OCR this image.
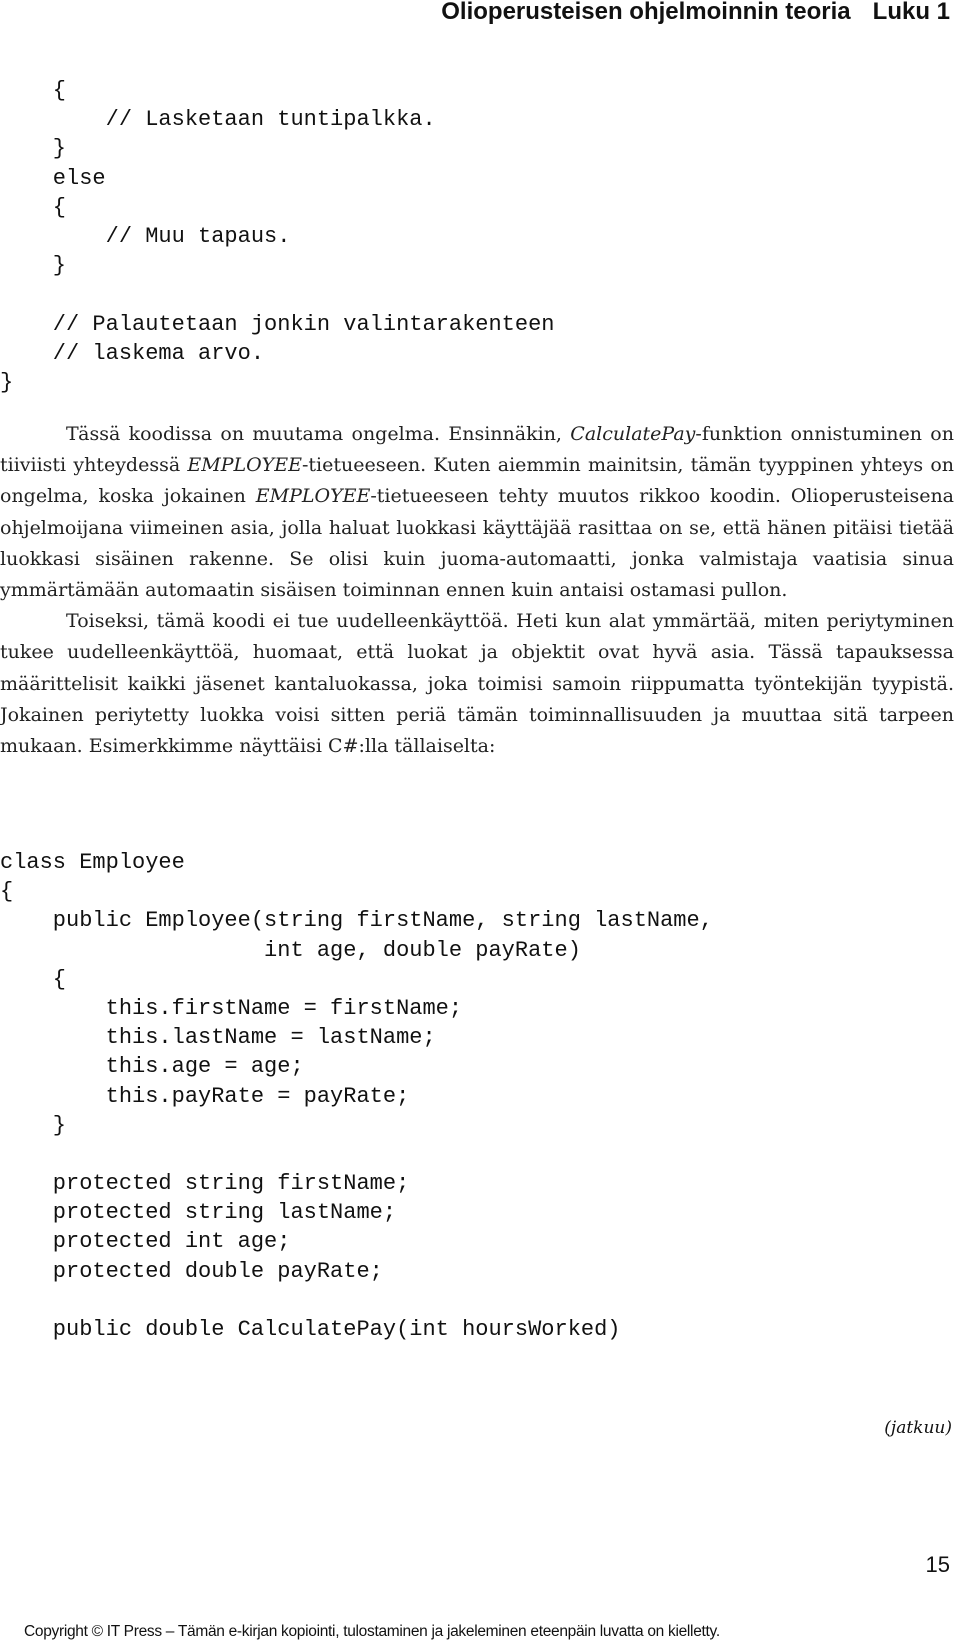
Olioperusteisen ohjelmoinnin teoria Luku 1
{
// Lasketaan tuntipalkka.
}
else
{
// Muu tapaus.
}
// Palautetaan jonkin valintarakenteen
// laskema arvo.
}

Tässä koodissa on muutama ongelma. Ensinnäkin, CalculatePay-funktion onnistuminen on tiiviisti yhteydessä EMPLOYEE-tietueeseen. Kuten aiemmin mainitsin, tämän tyyppinen yhteys on ongelma, koska jokainen EMPLOYEE-tietueeseen tehty muutos rikkoo koodin. Olioperusteisena ohjelmoijana viimeinen asia, jolla haluat luokkasi käyttäjää rasittaa on se, että hänen pitäisi tietää luokkasi sisäinen rakenne. Se olisi kuin juoma-automaatti, jonka valmistaja vaatisia sinua ymmärtämään automaatin sisäisen toiminnan ennen kuin antaisi ostamasi pullon.

Toiseksi, tämä koodi ei tue uudelleenkäyttöä. Heti kun alat ymmärtää, miten periytyminen tukee uudelleenkäyttöä, huomaat, että luokat ja objektit ovat hyvä asia. Tässä tapauksessa määrittelisit kaikki jäsenet kantaluokassa, joka toimisi samoin riippumatta työntekijän tyypistä. Jokainen periytetty luokka voisi sitten periä tämän toiminnallisuuden ja muuttaa sitä tarpeen mukaan. Esimerkkimme näyttäisi C#:lla tällaiselta:

class Employee
{
public Employee(string firstName, string lastName,
int age, double payRate)
{
this.firstName = firstName;
this.lastName = lastName;
this.age = age;
this.payRate = payRate;
}
protected string firstName;
protected string lastName;
protected int age;
protected double payRate;
public double CalculatePay(int hoursWorked)
(jatkuu)
15
Copyright © IT Press – Tämän e-kirjan kopiointi, tulostaminen ja jakeleminen eteenpäin luvatta on kielletty.
